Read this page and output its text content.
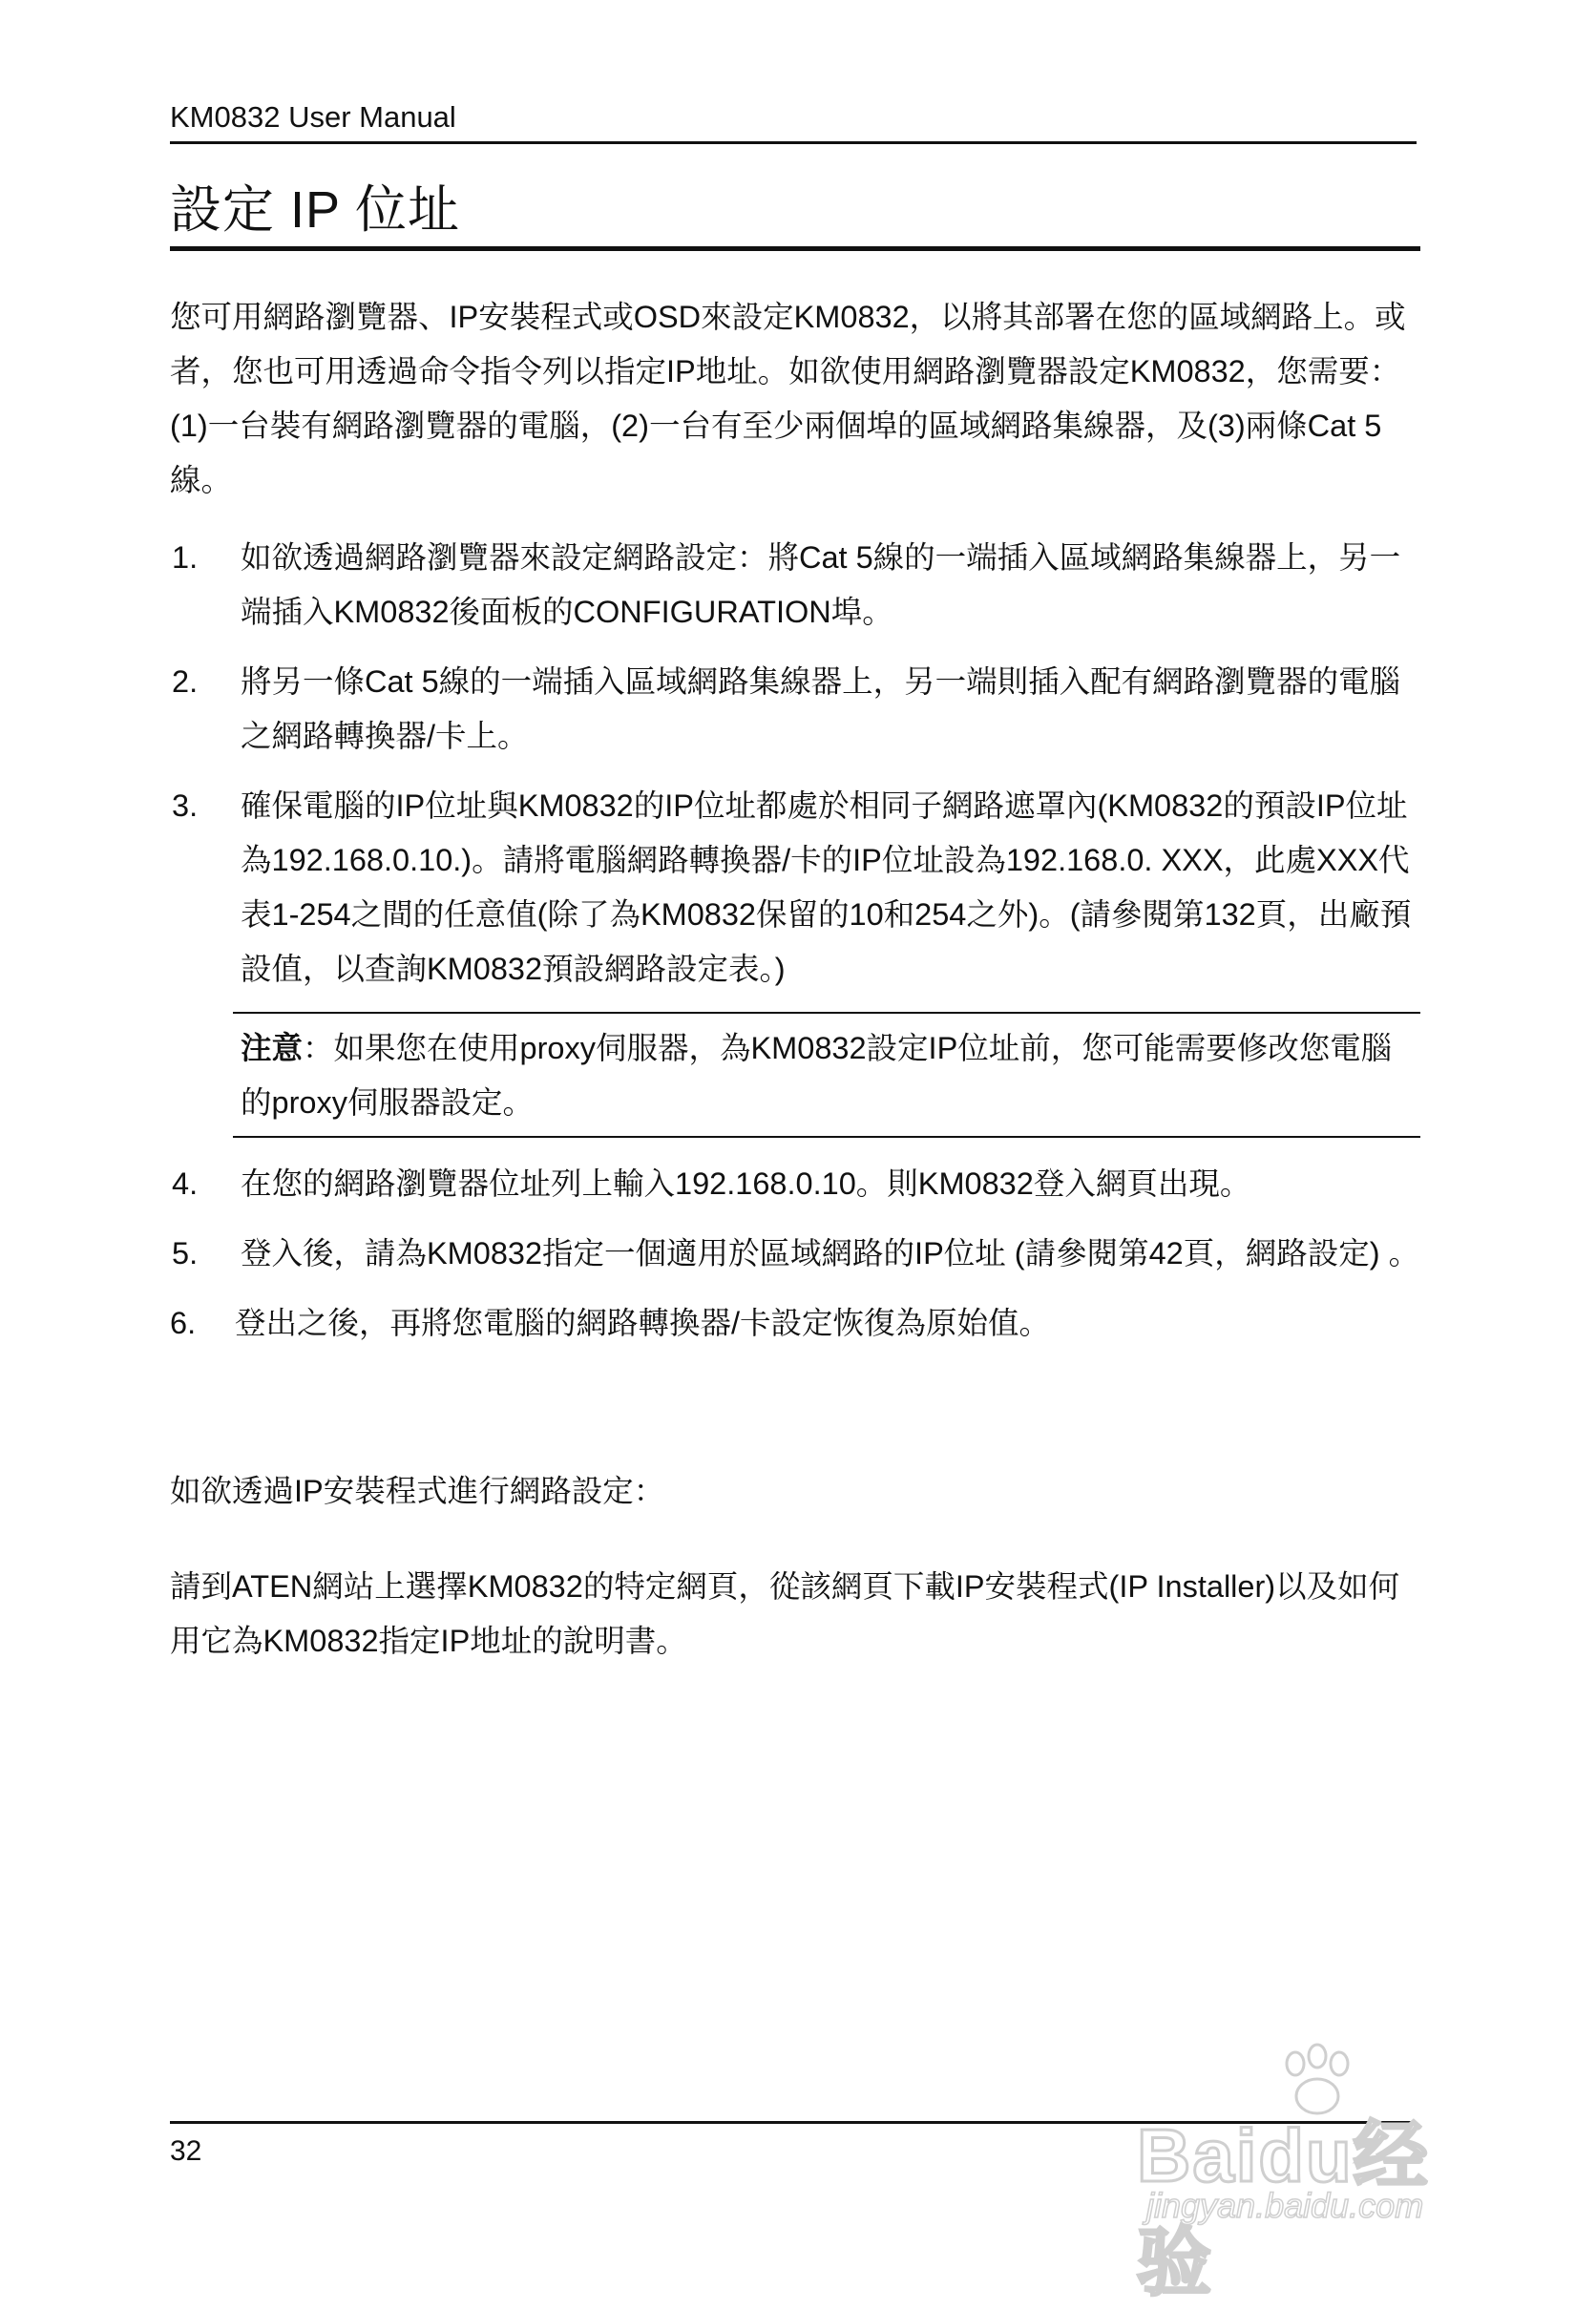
KM0832 User Manual
設定 IP 位址

您可用網路瀏覽器、IP安裝程式或OSD來設定KM0832，以將其部署在您的區域網路上。或者，您也可用透過命令指令列以指定IP地址。如欲使用網路瀏覽器設定KM0832，您需要：(1)一台裝有網路瀏覽器的電腦，(2)一台有至少兩個埠的區域網路集線器，及(3)兩條Cat 5線。

1. 如欲透過網路瀏覽器來設定網路設定：將Cat 5線的一端插入區域網路集線器上，另一端插入KM0832後面板的CONFIGURATION埠。
2. 將另一條Cat 5線的一端插入區域網路集線器上，另一端則插入配有網路瀏覽器的電腦之網路轉換器/卡上。
3. 確保電腦的IP位址與KM0832的IP位址都處於相同子網路遮罩內(KM0832的預設IP位址為192.168.0.10.)。請將電腦網路轉換器/卡的IP位址設為192.168.0. XXX，此處XXX代表1-254之間的任意值(除了為KM0832保留的10和254之外)。(請參閱第132頁，出廠預設值，以查詢KM0832預設網路設定表。)
注意：如果您在使用proxy伺服器，為KM0832設定IP位址前，您可能需要修改您電腦的proxy伺服器設定。
4. 在您的網路瀏覽器位址列上輸入192.168.0.10。則KM0832登入網頁出現。
5. 登入後，請為KM0832指定一個適用於區域網路的IP位址 (請參閱第42頁，網路設定) 。
6. 登出之後，再將您電腦的網路轉換器/卡設定恢復為原始值。

如欲透過IP安裝程式進行網路設定：

請到ATEN網站上選擇KM0832的特定網頁，從該網頁下載IP安裝程式(IP Installer)以及如何用它為KM0832指定IP地址的說明書。

32	Baidu经验
jingyan.baidu.com
